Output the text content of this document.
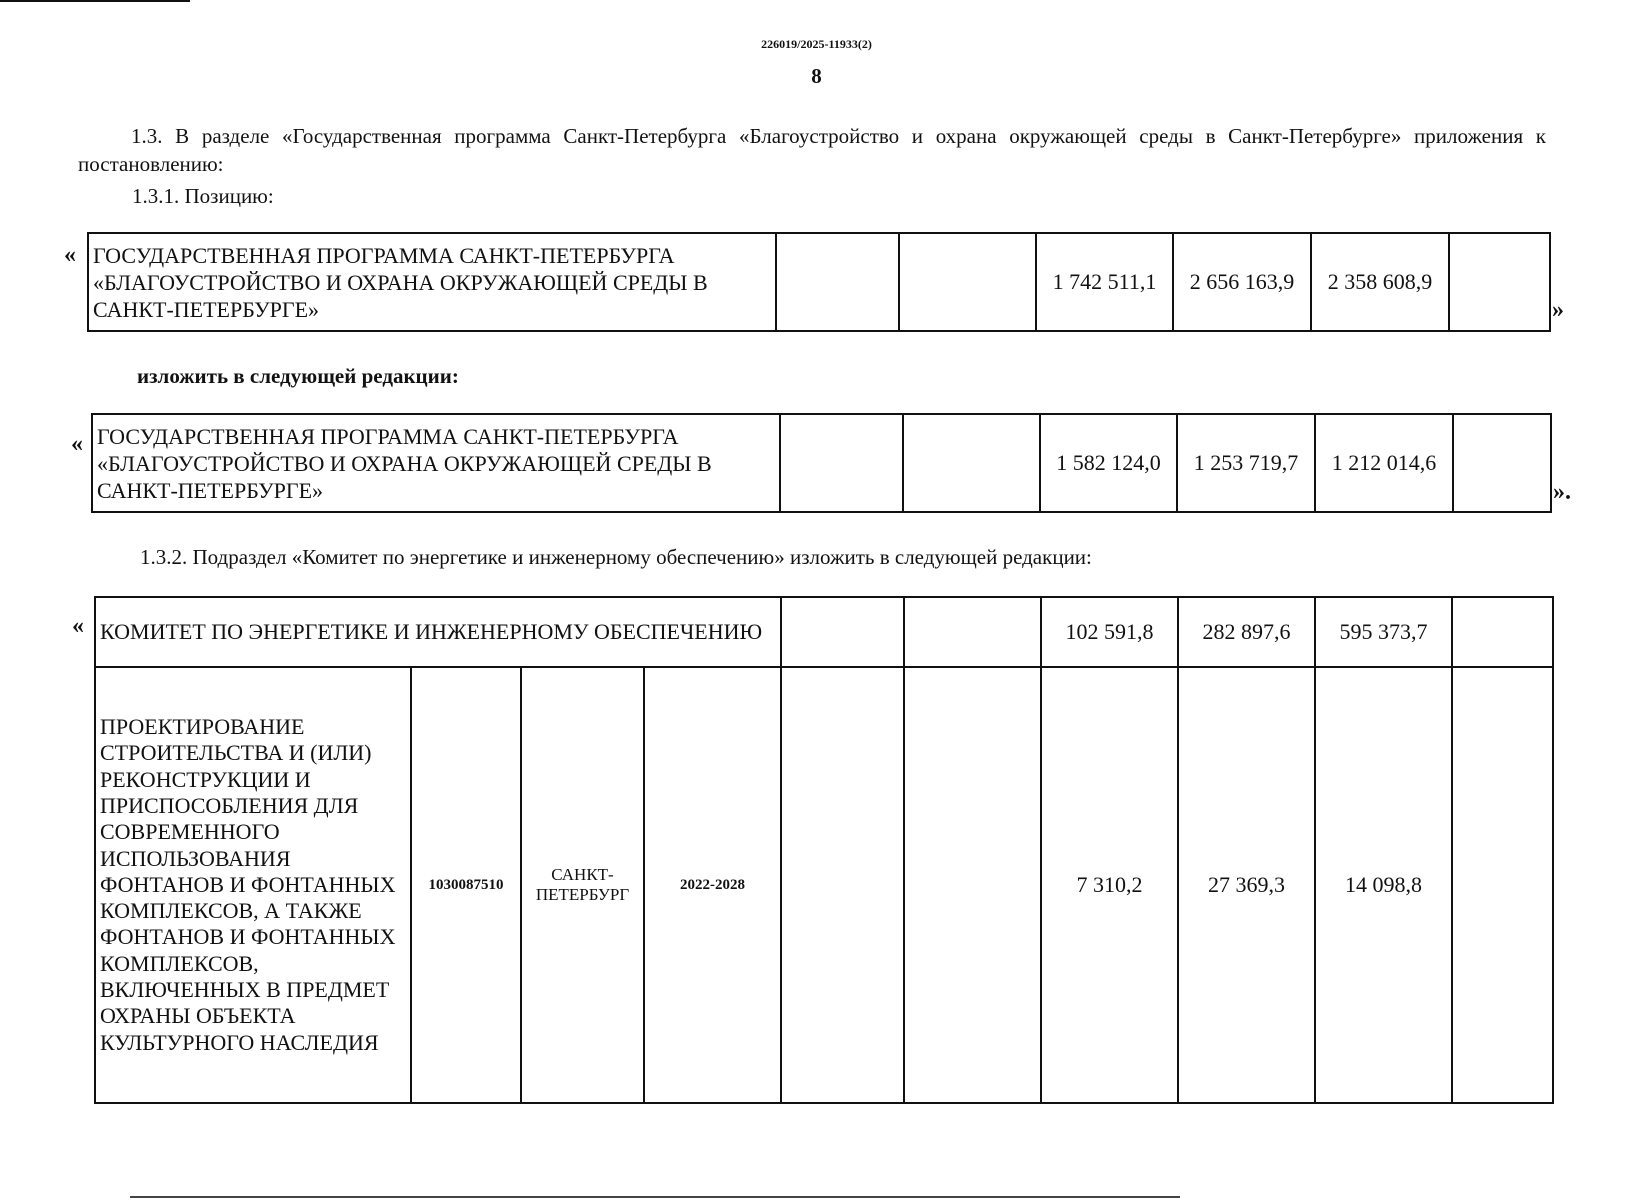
226019/2025-11933(2)
8
1.3. В разделе «Государственная программа Санкт-Петербурга «Благоустройство и охрана окружающей среды в Санкт-Петербурге» приложения к постановлению:
1.3.1. Позицию:
« ГОСУДАРСТВЕННАЯ ПРОГРАММА САНКТ-ПЕТЕРБУРГА «БЛАГОУСТРОЙСТВО И ОХРАНА ОКРУЖАЮЩЕЙ СРЕДЫ В САНКТ-ПЕТЕРБУРГЕ»			1 742 511,1	2 656 163,9	2 358 608,9	
»
изложить в следующей редакции:
« ГОСУДАРСТВЕННАЯ ПРОГРАММА САНКТ-ПЕТЕРБУРГА «БЛАГОУСТРОЙСТВО И ОХРАНА ОКРУЖАЮЩЕЙ СРЕДЫ В САНКТ-ПЕТЕРБУРГЕ»			1 582 124,0	1 253 719,7	1 212 014,6	
».
1.3.2. Подраздел «Комитет по энергетике и инженерному обеспечению» изложить в следующей редакции:
« КОМИТЕТ ПО ЭНЕРГЕТИКЕ И ИНЖЕНЕРНОМУ ОБЕСПЕЧЕНИЮ						102 591,8	282 897,6	595 373,7	
ПРОЕКТИРОВАНИЕ СТРОИТЕЛЬСТВА И (ИЛИ) РЕКОНСТРУКЦИИ И ПРИСПОСОБЛЕНИЯ ДЛЯ СОВРЕМЕННОГО ИСПОЛЬЗОВАНИЯ ФОНТАНОВ И ФОНТАННЫХ КОМПЛЕКСОВ, А ТАКЖЕ ФОНТАНОВ И ФОНТАННЫХ КОМПЛЕКСОВ, ВКЛЮЧЕННЫХ В ПРЕДМЕТ ОХРАНЫ ОБЪЕКТА КУЛЬТУРНОГО НАСЛЕДИЯ	1030087510	САНКТ-ПЕТЕРБУРГ	2022-2028			7 310,2	27 369,3	14 098,8	
